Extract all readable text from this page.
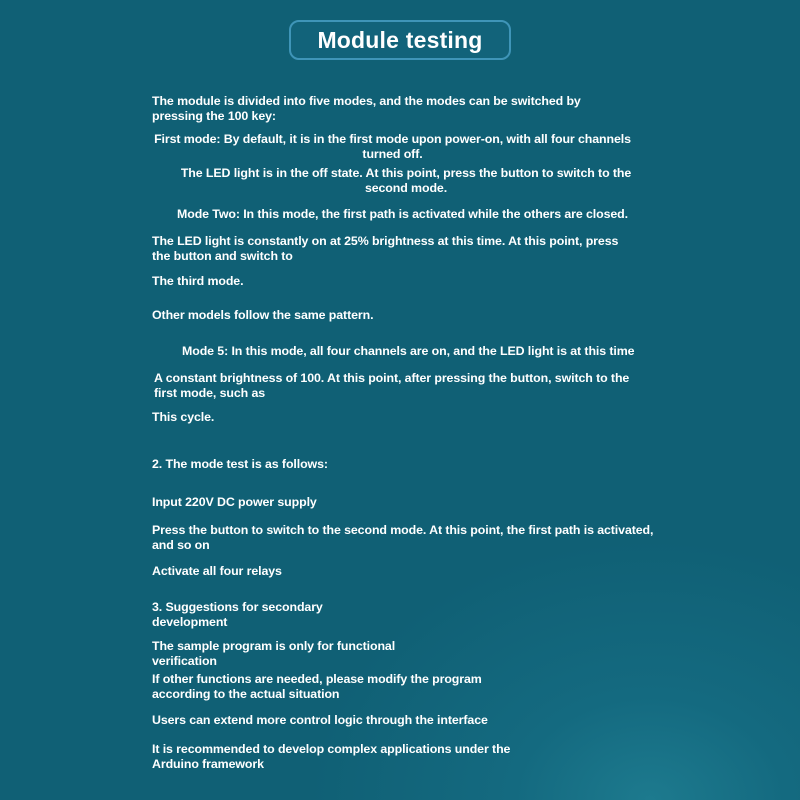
Module testing
The module is divided into five modes, and the modes can be switched by
pressing the 100 key:
First mode: By default, it is in the first mode upon power-on, with all four channels
turned off.
The LED light is in the off state. At this point, press the button to switch to the
second mode.
Mode Two: In this mode, the first path is activated while the others are closed.
The LED light is constantly on at 25% brightness at this time. At this point, press
the button and switch to
The third mode.
Other models follow the same pattern.
Mode 5: In this mode, all four channels are on, and the LED light is at this time
A constant brightness of 100. At this point, after pressing the button, switch to the
first mode, such as
This cycle.
2. The mode test is as follows:
Input 220V DC power supply
Press the button to switch to the second mode. At this point, the first path is activated,
and so on
Activate all four relays
3. Suggestions for secondary
development
The sample program is only for functional
verification
If other functions are needed, please modify the program
according to the actual situation
Users can extend more control logic through the interface
It is recommended to develop complex applications under the
Arduino framework
